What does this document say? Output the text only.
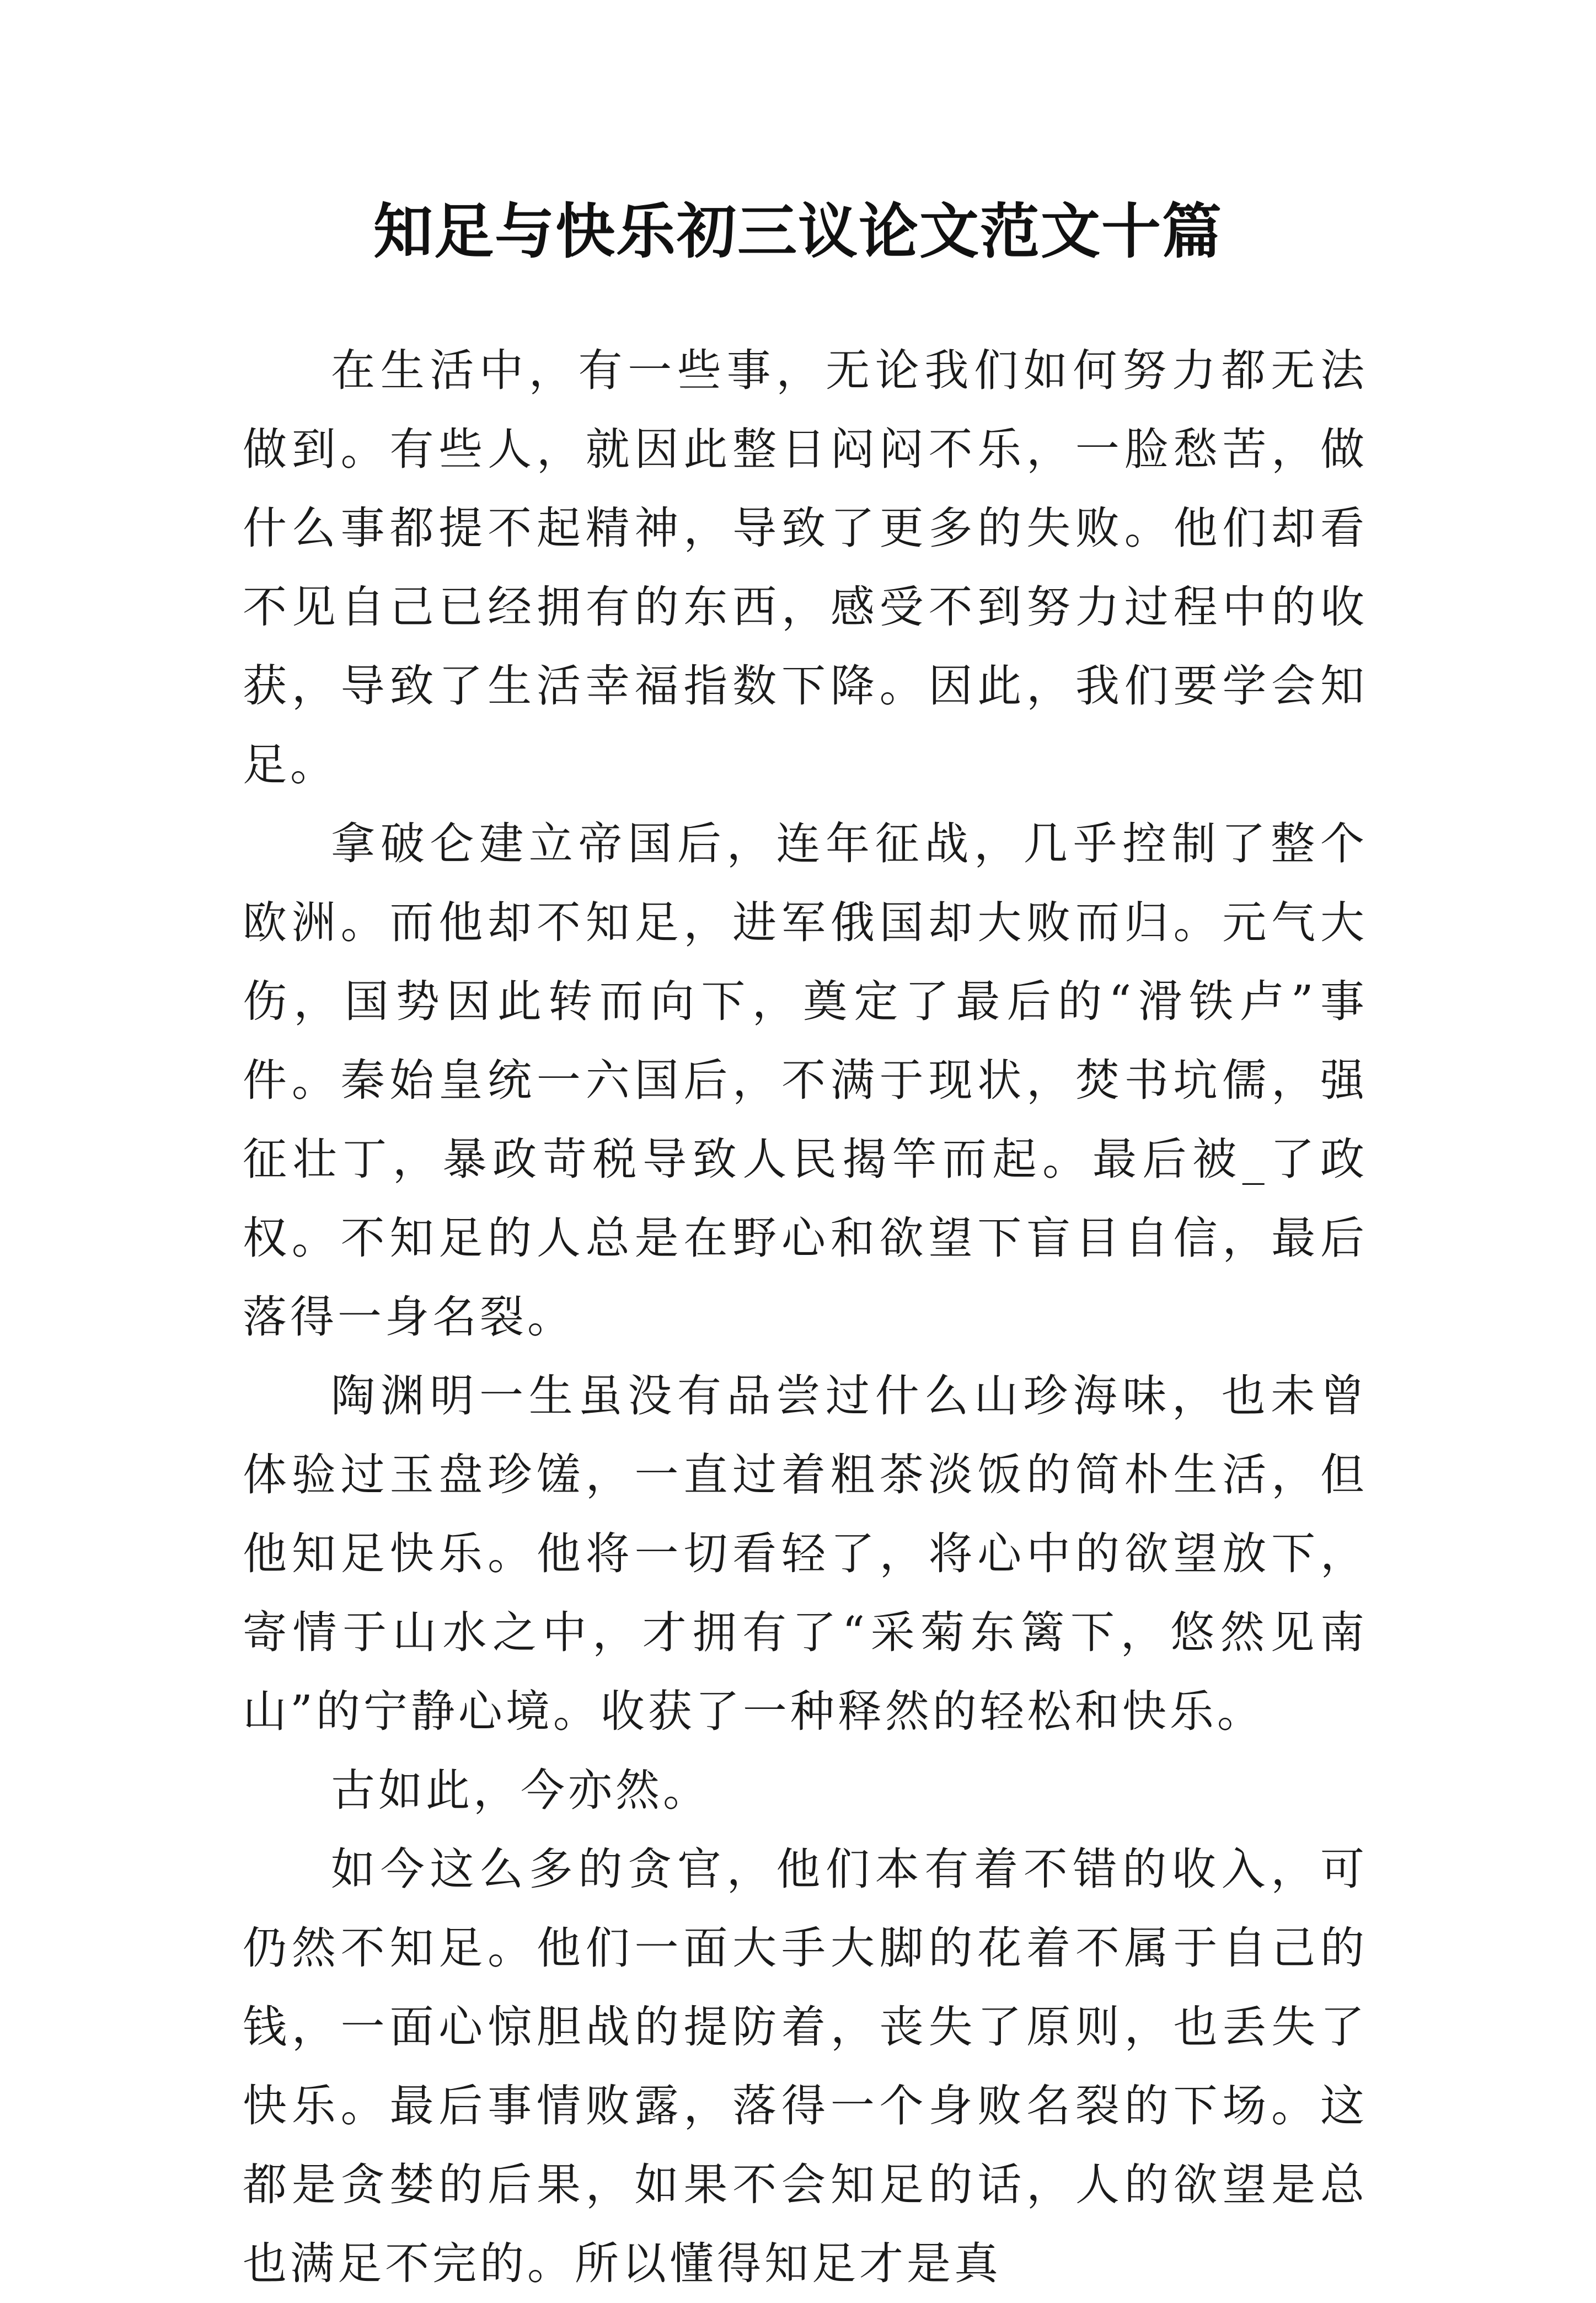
知足与快乐初三议论文范文十篇

在生活中，有一些事，无论我们如何努力都无法做到。有些人，就因此整日闷闷不乐，一脸愁苦，做什么事都提不起精神，导致了更多的失败。他们却看不见自己已经拥有的东西，感受不到努力过程中的收获，导致了生活幸福指数下降。因此，我们要学会知足。

拿破仑建立帝国后，连年征战，几乎控制了整个欧洲。而他却不知足，进军俄国却大败而归。元气大伤，国势因此转而向下，奠定了最后的“滑铁卢”事件。秦始皇统一六国后，不满于现状，焚书坑儒，强征壮丁，暴政苛税导致人民揭竿而起。最后被_了政权。不知足的人总是在野心和欲望下盲目自信，最后落得一身名裂。

陶渊明一生虽没有品尝过什么山珍海味，也未曾体验过玉盘珍馐，一直过着粗茶淡饭的简朴生活，但他知足快乐。他将一切看轻了，将心中的欲望放下，寄情于山水之中，才拥有了“采菊东篱下，悠然见南山”的宁静心境。收获了一种释然的轻松和快乐。

古如此，今亦然。

如今这么多的贪官，他们本有着不错的收入，可仍然不知足。他们一面大手大脚的花着不属于自己的钱，一面心惊胆战的提防着，丧失了原则，也丢失了快乐。最后事情败露，落得一个身败名裂的下场。这都是贪婪的后果，如果不会知足的话，人的欲望是总也满足不完的。所以懂得知足才是真
